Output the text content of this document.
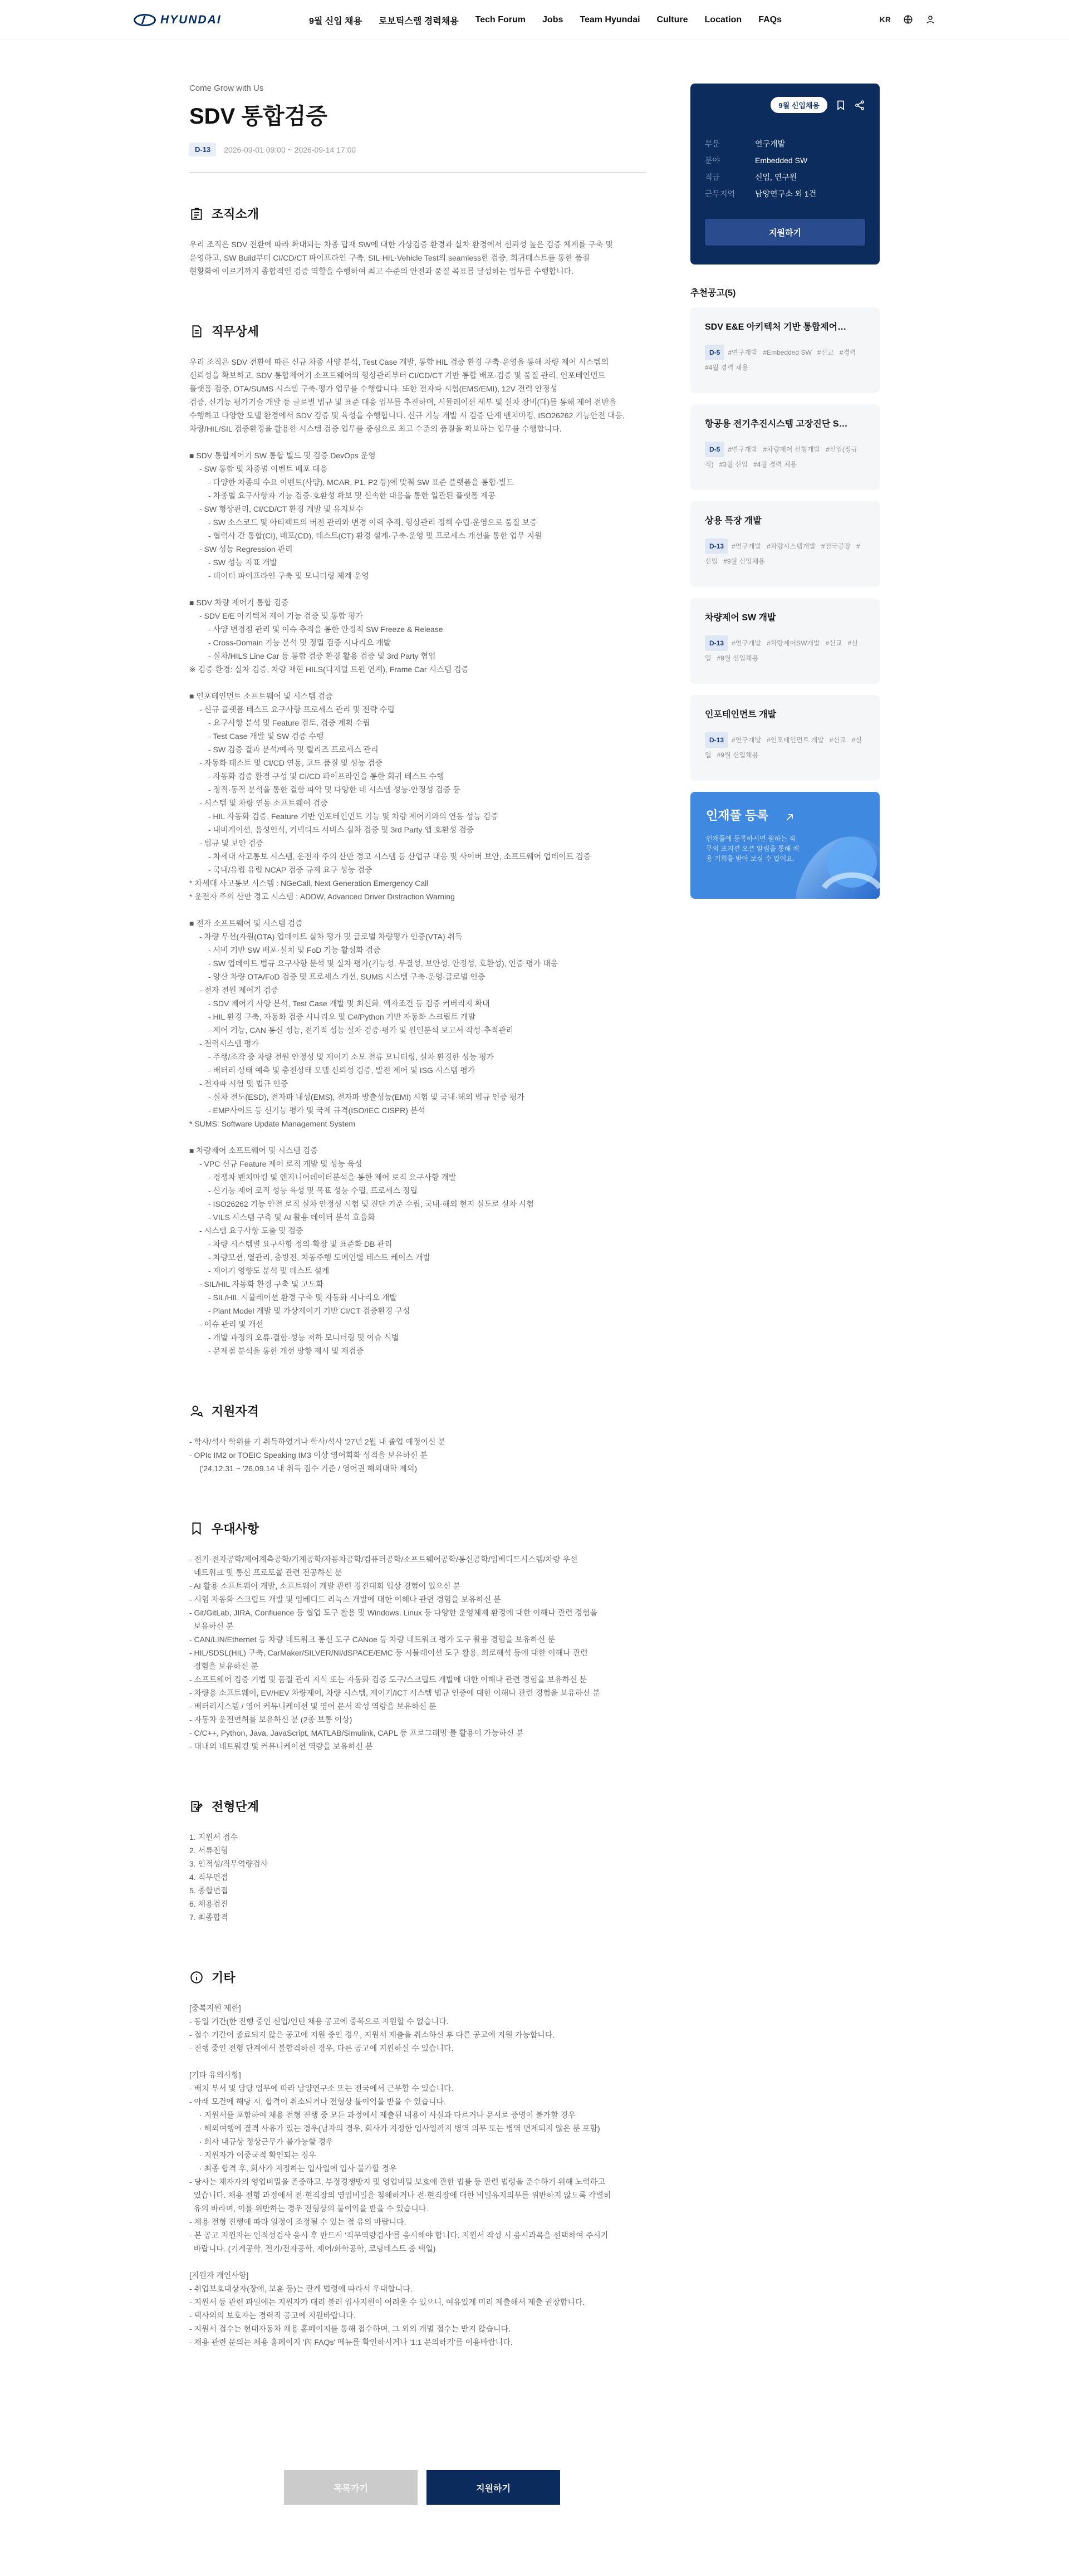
HYUNDAI	9월 신입 채용 로보틱스랩 경력채용 Tech Forum Jobs Team Hyundai Culture Location FAQs	KR
Come Grow with Us
SDV 통합검증
D-13	2026-09-01 09:00 ~ 2026-09-14 17:00
조직소개
우리 조직은 SDV 전환에 따라 확대되는 차종 탑재 SW에 대한 가상검증 환경과 실차 환경에서 신뢰성 높은 검증 체계를 구축 및
운영하고, SW Build부터 CI/CD/CT 파이프라인 구축, SIL·HIL·Vehicle Test의 seamless한 검증, 회귀테스트를 통한 품질
현황화에 이르기까지 종합적인 검증 역할을 수행하여 최고 수준의 안전과 품질 목표를 달성하는 업무를 수행합니다.
직무상세
우리 조직은 SDV 전환에 따른 신규 차종 사양 분석, Test Case 개발, 통합 HIL 검증 환경 구축·운영을 통해 차량 제어 시스템의
신뢰성을 확보하고, SDV 통합제어기 소프트웨어의 형상관리부터 CI/CD/CT 기반 통합 배포·검증 및 품질 관리, 인포테인먼트
플랫폼 검증, OTA/SUMS 시스템 구축·평가 업무를 수행합니다. 또한 전자파 시험(EMS/EMI), 12V 전력 안정성
검증, 신기능 평가기술 개발 등 글로벌 법규 및 표준 대응 업무를 추진하며, 시뮬레이션 세부 및 실차 장비(대)를 통해 제어 전반을
수행하고 다양한 모델 환경에서 SDV 검증 및 육성을 수행합니다. 신규 기능 개발 시 검증 단계 벤치마킹, ISO26262 기능안전 대응,
차량/HIL/SIL 검증환경을 활용한 시스템 검증 업무를 중심으로 최고 수준의 품질을 확보하는 업무를 수행합니다.
■ SDV 통합제어기 SW 통합 빌드 및 검증 DevOps 운영
- SW 통합 및 차종별 이벤트 배포 대응
- 다양한 차종의 수요 이벤트(사양), MCAR, P1, P2 등)에 맞춰 SW 표준 플랫폼을 통합·빌드
- 차종별 요구사항과 기능 검증·호환성 확보 및 신속한 대응을 통한 일관된 플랫폼 제공
- SW 형상관리, CI/CD/CT 환경 개발 및 유지보수
- SW 소스코드 및 아티팩트의 버전 관리와 변경 이력 추적, 형상관리 정책 수립·운영으로 품질 보증
- 협력사 간 통합(CI), 배포(CD), 테스트(CT) 환경 설계·구축·운영 및 프로세스 개선을 통한 업무 지원
- SW 성능 Regression 관리
- SW 성능 지표 개발
- 데이터 파이프라인 구축 및 모니터링 체계 운영
■ SDV 차량 제어기 통합 검증
- SDV E/E 아키텍처 제어 기능 검증 및 통합 평가
- 사양 변경점 관리 및 이슈 추적을 통한 안정적 SW Freeze & Release
- Cross-Domain 기능 분석 및 정밀 검증 시나리오 개발
- 실차/HILS Line Car 등 통합 검증 환경 활용 검증 및 3rd Party 협업
※ 검증 환경: 실차 검증, 차량 재현 HILS(디지털 트윈 연계), Frame Car 시스템 검증
■ 인포테인먼트 소프트웨어 및 시스템 검증
- 신규 플랫폼 테스트 요구사항 프로세스 관리 및 전략 수립
- 요구사항 분석 및 Feature 검토, 검증 계획 수립
- Test Case 개발 및 SW 검증 수행
- SW 검증 결과 분석/예측 및 릴리즈 프로세스 관리
- 자동화 테스트 및 CI/CD 연동, 코드 품질 및 성능 검증
- 자동화 검증 환경 구성 및 CI/CD 파이프라인을 통한 회귀 테스트 수행
- 정적·동적 분석을 통한 결함 파악 및 다양한 네 시스템 성능·안정성 검증 등
- 시스템 및 차량 연동 소프트웨어 검증
- HIL 자동화 검증, Feature 기반 인포테인먼트 기능 및 차량 제어기와의 연동 성능 검증
- 내비게이션, 음성인식, 커넥티드 서비스 실차 검증 및 3rd Party 앱 호환성 검증
- 법규 및 보안 검증
- 차세대 사고통보 시스템, 운전자 주의 산만 경고 시스템 등 산업규 대응 및 사이버 보안, 소프트웨어 업데이트 검증
- 국내/유럽 유럽 NCAP 검증 규제 요구 성능 검증
* 차세대 사고통보 시스템 : NGeCall, Next Generation Emergency Call
* 운전자 주의 산만 경고 시스템 : ADDW, Advanced Driver Distraction Warning
■ 전자 소프트웨어 및 시스템 검증
- 차량 무선(자원(OTA) 업데이트 실차 평가 및 글로벌 차량평가 인증(VTA) 취득
- 서비 기반 SW 배포·설치 및 FoD 기능 활성화 검증
- SW 업데이트 법규 요구사항 분석 및 실차 평가(기능성, 무결성, 보안성, 안정성, 호환성), 인증 평가 대응
- 양산 차량 OTA/FoD 검증 및 프로세스 개선, SUMS 시스템 구축·운영·글로벌 인증
- 전자 전원 제어기 검증
- SDV 제어기 사양 분석, Test Case 개발 및 최신화, 엑자조건 등 검증 커버리지 확대
- HIL 환경 구축, 자동화 검증 시나리오 및 C#/Python 기반 자동화 스크립트 개발
- 제어 기능, CAN 통신 성능, 전기적 성능 실차 검증·평가 및 원인분석 보고서 작성·추적관리
- 전력시스템 평가
- 주행/조작 중 차량 전원 안정성 및 제어기 소모 전류 모니터링, 실차 환경한 성능 평가
- 배터리 상태 예측 및 충전상태 모델 신뢰성 검증, 발전 제어 및 ISG 시스템 평가
- 전자파 시험 및 법규 인증
- 실차 전도(ESD), 전자파 내성(EMS), 전자파 방출성능(EMI) 시험 및 국내·해외 법규 인증 평가
- EMP사이트 등 신기능 평가 및 국제 규격(ISO/IEC CISPR) 분석
* SUMS: Software Update Management System
■ 차량제어 소프트웨어 및 시스템 검증
- VPC 신규 Feature 제어 로직 개발 및 성능 육성
- 경쟁차 벤치마킹 및 엔지니어데이터분석을 통한 제어 로직 요구사항 개발
- 신기능 제어 로직 성능 육성 및 목표 성능 수립, 프로세스 정립
- ISO26262 기능 안전 로직 실차 안정성 시험 및 진단 기준 수립, 국내·해외 현지 실도로 실차 시험
- VILS 시스템 구축 및 AI 활용 데이터 분석 효율화
- 시스템 요구사항 도출 및 검증
- 차량 시스템별 요구사항 정의·확장 및 표준화 DB 관리
- 차량모션, 열관리, 충방전, 차동주행 도메인별 테스트 케이스 개발
- 제어기 영향도 분석 및 테스트 설계
- SIL/HIL 자동화 환경 구축 및 고도화
- SIL/HIL 시뮬레이션 환경 구축 및 자동화 시나리오 개발
- Plant Model 개발 및 가상제어기 기반 CI/CT 검증환경 구성
- 이슈 관리 및 개선
- 개발 과정의 오류·결함·성능 저하 모니터링 및 이슈 식별
- 문제점 분석을 통한 개선 방향 제시 및 재검증
지원자격
- 학사/석사 학위를 기 취득하였거나 학사/석사 '27년 2월 내 졸업 예정이신 분
- OPIc IM2 or TOEIC Speaking IM3 이상 영어회화 성적을 보유하신 분
('24.12.31 ~ '26.09.14 내 취득 점수 기준 / 영어권 해외대학 제외)
우대사항
- 전기·전자공학/제어계측공학/기계공학/자동차공학/컴퓨터공학/소프트웨어공학/통신공학/임베디드시스템/차량 우선
네트워크 및 통신 프로토콜 관련 전공하신 분
- AI 활용 소프트웨어 개발, 소프트웨어 개발 관련 경진대회 입상 경험이 있으신 분
- 시험 자동화 스크립트 개발 및 임베디드 리눅스 개발에 대한 이해나 관련 경험을 보유하신 분
- Git/GitLab, JIRA, Confluence 등 협업 도구 활용 및 Windows, Linux 등 다양한 운영체제 환경에 대한 이해나 관련 경험을
보유하신 분
- CAN/LIN/Ethernet 등 차량 네트워크 통신 도구 CANoe 등 차량 네트워크 평가 도구 활용 경험을 보유하신 분
- HIL/SDSL(HIL) 구축, CarMaker/SILVER/NI/dSPACE/EMC 등 시뮬레이션 도구 활용, 회로해석 등에 대한 이해나 관련
경험을 보유하신 분
- 소프트웨어 검증 기법 및 품질 관리 지식 또는 자동화 검증 도구/스크립트 개발에 대한 이해나 관련 경험을 보유하신 분
- 차량용 소프트웨어, EV/HEV 차량제어, 차량 시스템, 제어기/ICT 시스템 법규 인증에 대한 이해나 관련 경험을 보유하신 분
- 배터리시스템 / 영어 커뮤니케이션 및 영어 문서 작성 역량을 보유하신 분
- 자동차 운전면허를 보유하신 분 (2종 보통 이상)
- C/C++, Python, Java, JavaScript, MATLAB/Simulink, CAPL 등 프로그래밍 툴 활용이 가능하신 분
- 대내외 네트워킹 및 커뮤니케이션 역량을 보유하신 분
전형단계
1. 지원서 접수
2. 서류전형
3. 인적성/직무역량검사
4. 직무면접
5. 종합면접
6. 채용검진
7. 최종합격
기타
[중복지원 제한]
- 동일 기간(한 진행 중인 신입/인턴 채용 공고에 중복으로 지원할 수 없습니다.
- 접수 기간이 종료되지 않은 공고에 지원 중인 경우, 지원서 제출을 취소하신 후 다른 공고에 지원 가능합니다.
- 진행 중인 전형 단계에서 불합격하신 경우, 다른 공고에 지원하실 수 있습니다.
[기타 유의사항]
- 배치 부서 및 담당 업무에 따라 남양연구소 또는 전국에서 근무할 수 있습니다.
- 아래 모건에 해당 시, 합격이 취소되거나 전형상 불이익을 받을 수 있습니다.
· 지원서를 포함하여 채용 전형 진행 중 모든 과정에서 제출된 내용이 사실과 다르거나 문서로 증명이 불가할 경우
· 해외여행에 결격 사유가 있는 경우(남자의 경우, 회사가 지정한 입사일까지 병역 의무 또는 병역 면제되지 않은 분 포함)
· 회사 내규상 정상근무가 불가능할 경우
· 지원자가 이중국적 확인되는 경우
· 최종 합격 후, 회사가 지정하는 입사일에 입사 불가할 경우
- 당사는 채자자의 영업비밀을 존중하고, 부정경쟁방지 및 영업비밀 보호에 관한 법률 등 관련 법령을 준수하기 위해 노력하고
있습니다. 채용 전형 과정에서 전·현직장의 영업비밀을 침해하거나 전·현직장에 대한 비밀유지의무를 위반하지 않도록 각별히
유의 바라며, 이를 위반하는 경우 전형상의 불이익을 받을 수 있습니다.
- 채용 전형 진행에 따라 일정이 조정될 수 있는 점 유의 바랍니다.
- 본 공고 지원자는 인적성검사 응시 후 반드시 '직무역량검사'를 응시해야 합니다. 지원서 작성 시 응시과목을 선택하여 주시기
바랍니다. (기계공학, 전기/전자공학, 제어/화학공학, 코딩테스트 중 택일)
[지원자 개인사항]
- 취업보호대상자(장애, 보훈 등)는 관계 법령에 따라서 우대합니다.
- 지원서 등 관련 파일에는 지원자가 대리 불러 입사지원이 어려울 수 있으니, 여유있게 미리 제출해서 제출 권장합니다.
- 택사외의 보호자는 경력직 공고에 지원바랍니다.
- 지원서 접수는 현대자동차 채용 홈페이지를 통해 접수하며, 그 외의 개별 접수는 받지 않습니다.
- 채용 관련 문의는 채용 홈페이지 '內 FAQs' 메뉴를 확인하시거나 '1:1 문의하기'를 이용바랍니다.
목록가기	지원하기
9월 신입채용
부문	연구개발
분야	Embedded SW
직급	신입, 연구원
근무지역	남양연구소 외 1건
지원하기
추천공고(5)
SDV E&E 아키텍처 기반 통합제어…
D-5 #연구개발 #Embedded SW #신교 #경력#4월 경력 채용
항공용 전기추진시스템 고장진단 S…
D-5 #연구개발 #차량제어 신형개발 #신입(정규직) #3월 신입 #4월 경력 채용
상용 특장 개발
D-13 #연구개발 #차량시스템개발 #전국공장 #신입 #9월 신입채용
차량제어 SW 개발
D-13 #연구개발 #차량제어SW개발 #신교 #신입 #9월 신입채용
인포테인먼트 개발
D-13 #연구개발 #인포테인먼트 개발 #신교 #신입 #9월 신입채용
인재풀 등록
인재풀에 등록하시면 원하는 직무의 포지션 오픈 알림을 통해 채용 기회를 받아 보실 수 있어요.
